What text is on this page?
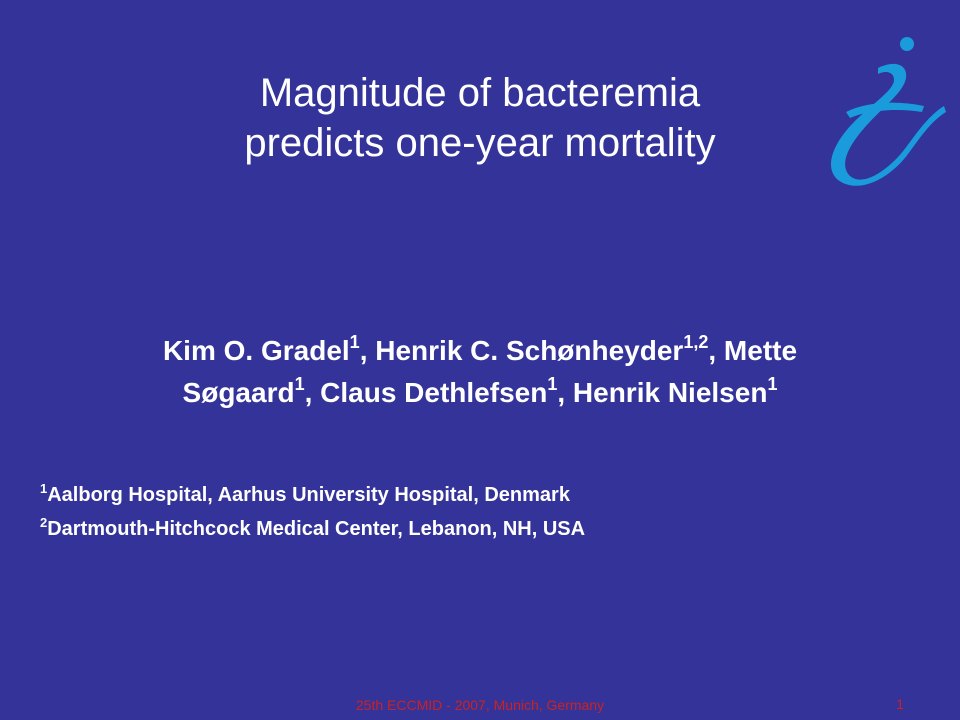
Magnitude of bacteremia
predicts one-year mortality
Kim O. Gradel$^1$, Henrik C. Schønheyder$^{1,2}$, Mette
Søgaard$^1$, Claus Dethlefsen$^1$, Henrik Nielsen$^1$
$^1$Aalborg Hospital, Aarhus University Hospital, Denmark
$^2$Dartmouth-Hitchcock Medical Center, Lebanon, NH, USA
25th ECCMID - 2007, Munich, Germany	1
